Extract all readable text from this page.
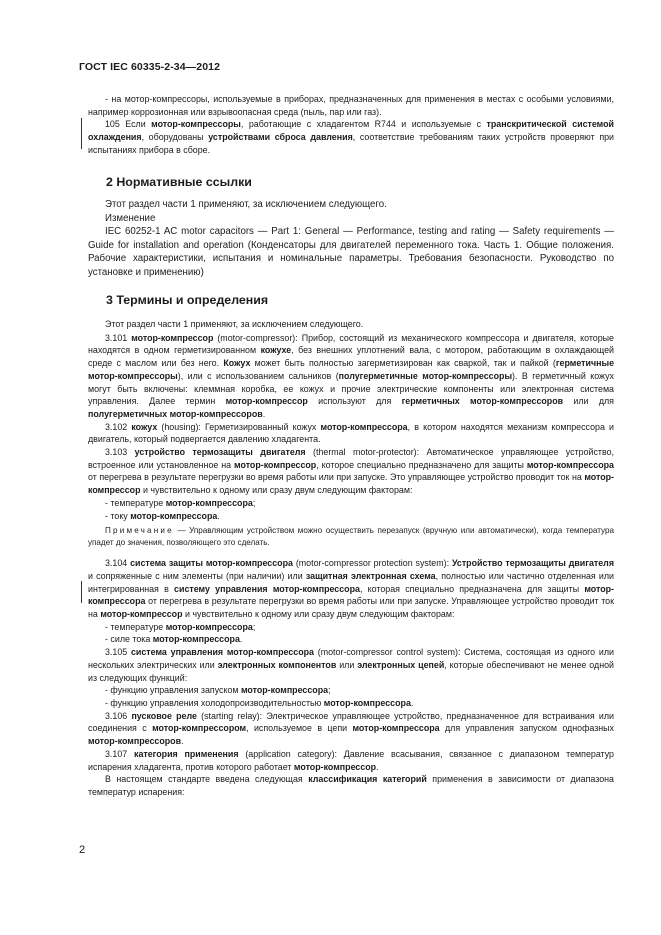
ГОСТ IEC 60335-2-34—2012

- на мотор-компрессоры, используемые в приборах, предназначенных для применения в местах с особыми условиями, например коррозионная или взрывоопасная среда (пыль, пар или газ).

105 Если мотор-компрессоры, работающие с хладагентом R744 и используемые с транскритической системой охлаждения, оборудованы устройствами сброса давления, соответствие требованиям таких устройств проверяют при испытаниях прибора в сборе.

2 Нормативные ссылки

Этот раздел части 1 применяют, за исключением следующего.

Изменение

IEC 60252-1 AC motor capacitors — Part 1: General — Performance, testing and rating — Safety requirements — Guide for installation and operation (Конденсаторы для двигателей переменного тока. Часть 1. Общие положения. Рабочие характеристики, испытания и номинальные параметры. Требования безопасности. Руководство по установке и применению)

3 Термины и определения

Этот раздел части 1 применяют, за исключением следующего.

3.101 мотор-компрессор (motor-compressor): Прибор, состоящий из механического компрессора и двигателя, которые находятся в одном герметизированном кожухе, без внешних уплотнений вала, с мотором, работающим в охлаждающей среде с маслом или без него. Кожух может быть полностью загерметизирован как сваркой, так и пайкой (герметичные мотор-компрессоры), или с использованием сальников (полугерметичные мотор-компрессоры). В герметичный кожух могут быть включены: клеммная коробка, ее кожух и прочие электрические компоненты или электронная система управления. Далее термин мотор-компрессор используют для герметичных мотор-компрессоров или для полугерметичных мотор-компрессоров.

3.102 кожух (housing): Герметизированный кожух мотор-компрессора, в котором находятся механизм компрессора и двигатель, который подвергается давлению хладагента.

3.103 устройство термозащиты двигателя (thermal motor-protector): Автоматическое управляющее устройство, встроенное или установленное на мотор-компрессор, которое специально предназначено для защиты мотор-компрессора от перегрева в результате перегрузки во время работы или при запуске. Это управляющее устройство проводит ток на мотор-компрессор и чувствительно к одному или сразу двум следующим факторам:

- температуре мотор-компрессора;

- току мотор-компрессора.

Примечание — Управляющим устройством можно осуществить перезапуск (вручную или автоматически), когда температура упадет до значения, позволяющего это сделать.

3.104 система защиты мотор-компрессора (motor-compressor protection system): Устройство термозащиты двигателя и сопряженные с ним элементы (при наличии) или защитная электронная схема, полностью или частично отделенная или интегрированная в систему управления мотор-компрессора, которая специально предназначена для защиты мотор-компрессора от перегрева в результате перегрузки во время работы или при запуске. Управляющее устройство проводит ток на мотор-компрессор и чувствительно к одному или сразу двум следующим факторам:

- температуре мотор-компрессора;

- силе тока мотор-компрессора.

3.105 система управления мотор-компрессора (motor-compressor control system): Система, состоящая из одного или нескольких электрических или электронных компонентов или электронных цепей, которые обеспечивают не менее одной из следующих функций:

- функцию управления запуском мотор-компрессора;

- функцию управления холодопроизводительностью мотор-компрессора.

3.106 пусковое реле (starting relay): Электрическое управляющее устройство, предназначенное для встраивания или соединения с мотор-компрессором, используемое в цепи мотор-компрессора для управления запуском однофазных мотор-компрессоров.

3.107 категория применения (application category): Давление всасывания, связанное с диапазоном температур испарения хладагента, против которого работает мотор-компрессор.

В настоящем стандарте введена следующая классификация категорий применения в зависимости от диапазона температур испарения:

2
